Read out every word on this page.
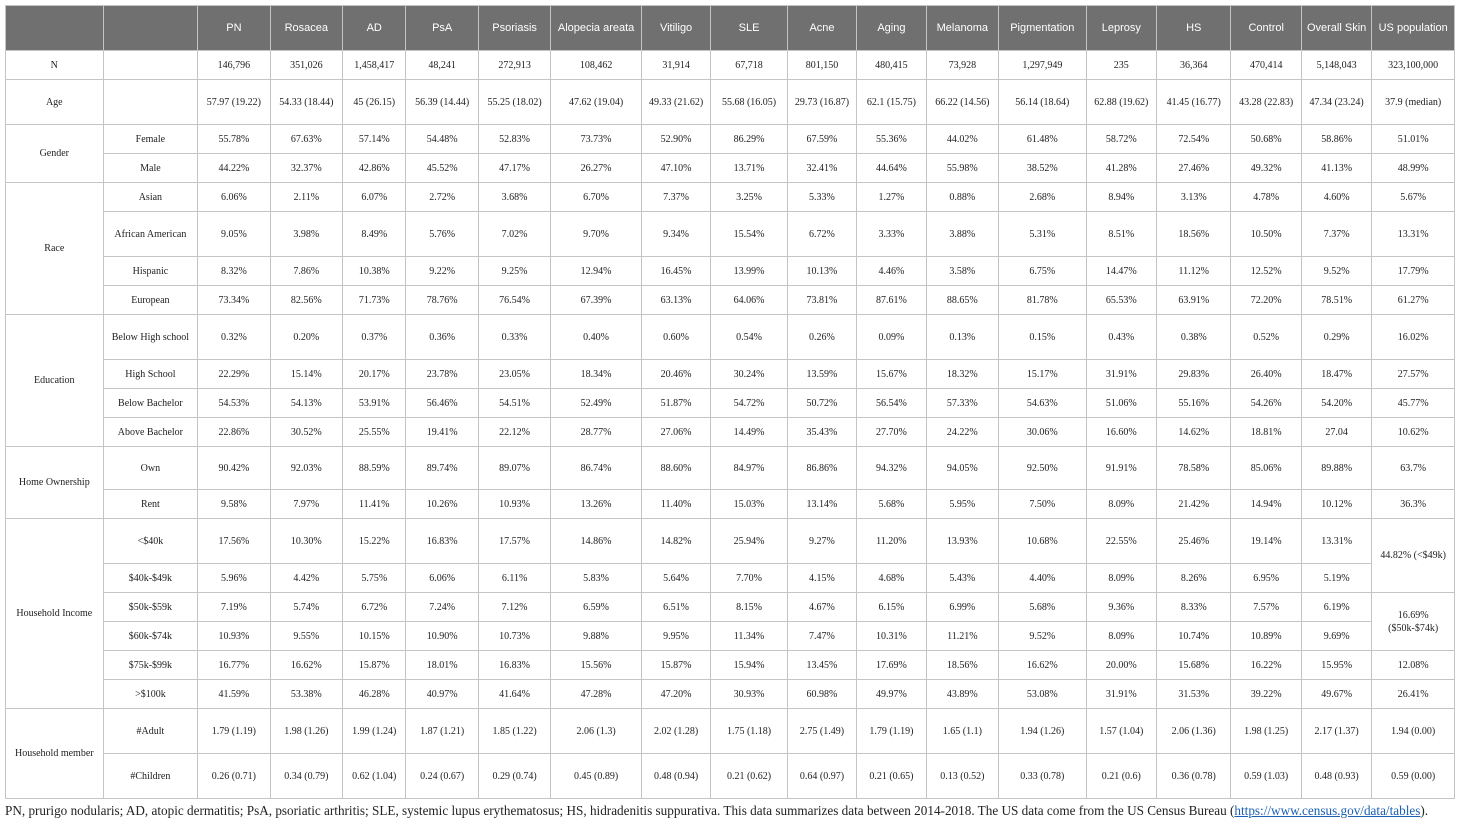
		PN	Rosacea	AD	PsA	Psoriasis	Alopecia areata	Vitiligo	SLE	Acne	Aging	Melanoma	Pigmentation	Leprosy	HS	Control	Overall Skin	US population
N		146,796	351,026	1,458,417	48,241	272,913	108,462	31,914	67,718	801,150	480,415	73,928	1,297,949	235	36,364	470,414	5,148,043	323,100,000
Age		57.97 (19.22)	54.33 (18.44)	45 (26.15)	56.39 (14.44)	55.25 (18.02)	47.62 (19.04)	49.33 (21.62)	55.68 (16.05)	29.73 (16.87)	62.1 (15.75)	66.22 (14.56)	56.14 (18.64)	62.88 (19.62)	41.45 (16.77)	43.28 (22.83)	47.34 (23.24)	37.9 (median)
Gender	Female	55.78%	67.63%	57.14%	54.48%	52.83%	73.73%	52.90%	86.29%	67.59%	55.36%	44.02%	61.48%	58.72%	72.54%	50.68%	58.86%	51.01%
	Male	44.22%	32.37%	42.86%	45.52%	47.17%	26.27%	47.10%	13.71%	32.41%	44.64%	55.98%	38.52%	41.28%	27.46%	49.32%	41.13%	48.99%
Race	Asian	6.06%	2.11%	6.07%	2.72%	3.68%	6.70%	7.37%	3.25%	5.33%	1.27%	0.88%	2.68%	8.94%	3.13%	4.78%	4.60%	5.67%
	African American	9.05%	3.98%	8.49%	5.76%	7.02%	9.70%	9.34%	15.54%	6.72%	3.33%	3.88%	5.31%	8.51%	18.56%	10.50%	7.37%	13.31%
	Hispanic	8.32%	7.86%	10.38%	9.22%	9.25%	12.94%	16.45%	13.99%	10.13%	4.46%	3.58%	6.75%	14.47%	11.12%	12.52%	9.52%	17.79%
	European	73.34%	82.56%	71.73%	78.76%	76.54%	67.39%	63.13%	64.06%	73.81%	87.61%	88.65%	81.78%	65.53%	63.91%	72.20%	78.51%	61.27%
Education	Below High school	0.32%	0.20%	0.37%	0.36%	0.33%	0.40%	0.60%	0.54%	0.26%	0.09%	0.13%	0.15%	0.43%	0.38%	0.52%	0.29%	16.02%
	High School	22.29%	15.14%	20.17%	23.78%	23.05%	18.34%	20.46%	30.24%	13.59%	15.67%	18.32%	15.17%	31.91%	29.83%	26.40%	18.47%	27.57%
	Below Bachelor	54.53%	54.13%	53.91%	56.46%	54.51%	52.49%	51.87%	54.72%	50.72%	56.54%	57.33%	54.63%	51.06%	55.16%	54.26%	54.20%	45.77%
	Above Bachelor	22.86%	30.52%	25.55%	19.41%	22.12%	28.77%	27.06%	14.49%	35.43%	27.70%	24.22%	30.06%	16.60%	14.62%	18.81%	27.04	10.62%
Home Ownership	Own	90.42%	92.03%	88.59%	89.74%	89.07%	86.74%	88.60%	84.97%	86.86%	94.32%	94.05%	92.50%	91.91%	78.58%	85.06%	89.88%	63.7%
	Rent	9.58%	7.97%	11.41%	10.26%	10.93%	13.26%	11.40%	15.03%	13.14%	5.68%	5.95%	7.50%	8.09%	21.42%	14.94%	10.12%	36.3%
Household Income	<$40k	17.56%	10.30%	15.22%	16.83%	17.57%	14.86%	14.82%	25.94%	9.27%	11.20%	13.93%	10.68%	22.55%	25.46%	19.14%	13.31%	44.82% (<$49k)
	$40k-$49k	5.96%	4.42%	5.75%	6.06%	6.11%	5.83%	5.64%	7.70%	4.15%	4.68%	5.43%	4.40%	8.09%	8.26%	6.95%	5.19%	
	$50k-$59k	7.19%	5.74%	6.72%	7.24%	7.12%	6.59%	6.51%	8.15%	4.67%	6.15%	6.99%	5.68%	9.36%	8.33%	7.57%	6.19%	16.69% ($50k-$74k)
	$60k-$74k	10.93%	9.55%	10.15%	10.90%	10.73%	9.88%	9.95%	11.34%	7.47%	10.31%	11.21%	9.52%	8.09%	10.74%	10.89%	9.69%	
	$75k-$99k	16.77%	16.62%	15.87%	18.01%	16.83%	15.56%	15.87%	15.94%	13.45%	17.69%	18.56%	16.62%	20.00%	15.68%	16.22%	15.95%	12.08%
	>$100k	41.59%	53.38%	46.28%	40.97%	41.64%	47.28%	47.20%	30.93%	60.98%	49.97%	43.89%	53.08%	31.91%	31.53%	39.22%	49.67%	26.41%
Household member	#Adult	1.79 (1.19)	1.98 (1.26)	1.99 (1.24)	1.87 (1.21)	1.85 (1.22)	2.06 (1.3)	2.02 (1.28)	1.75 (1.18)	2.75 (1.49)	1.79 (1.19)	1.65 (1.1)	1.94 (1.26)	1.57 (1.04)	2.06 (1.36)	1.98 (1.25)	2.17 (1.37)	1.94 (0.00)
	#Children	0.26 (0.71)	0.34 (0.79)	0.62 (1.04)	0.24 (0.67)	0.29 (0.74)	0.45 (0.89)	0.48 (0.94)	0.21 (0.62)	0.64 (0.97)	0.21 (0.65)	0.13 (0.52)	0.33 (0.78)	0.21 (0.6)	0.36 (0.78)	0.59 (1.03)	0.48 (0.93)	0.59 (0.00)
PN, prurigo nodularis; AD, atopic dermatitis; PsA, psoriatic arthritis; SLE, systemic lupus erythematosus; HS, hidradenitis suppurativa. This data summarizes data between 2014-2018. The US data come from the US Census Bureau (https://www.census.gov/data/tables).
